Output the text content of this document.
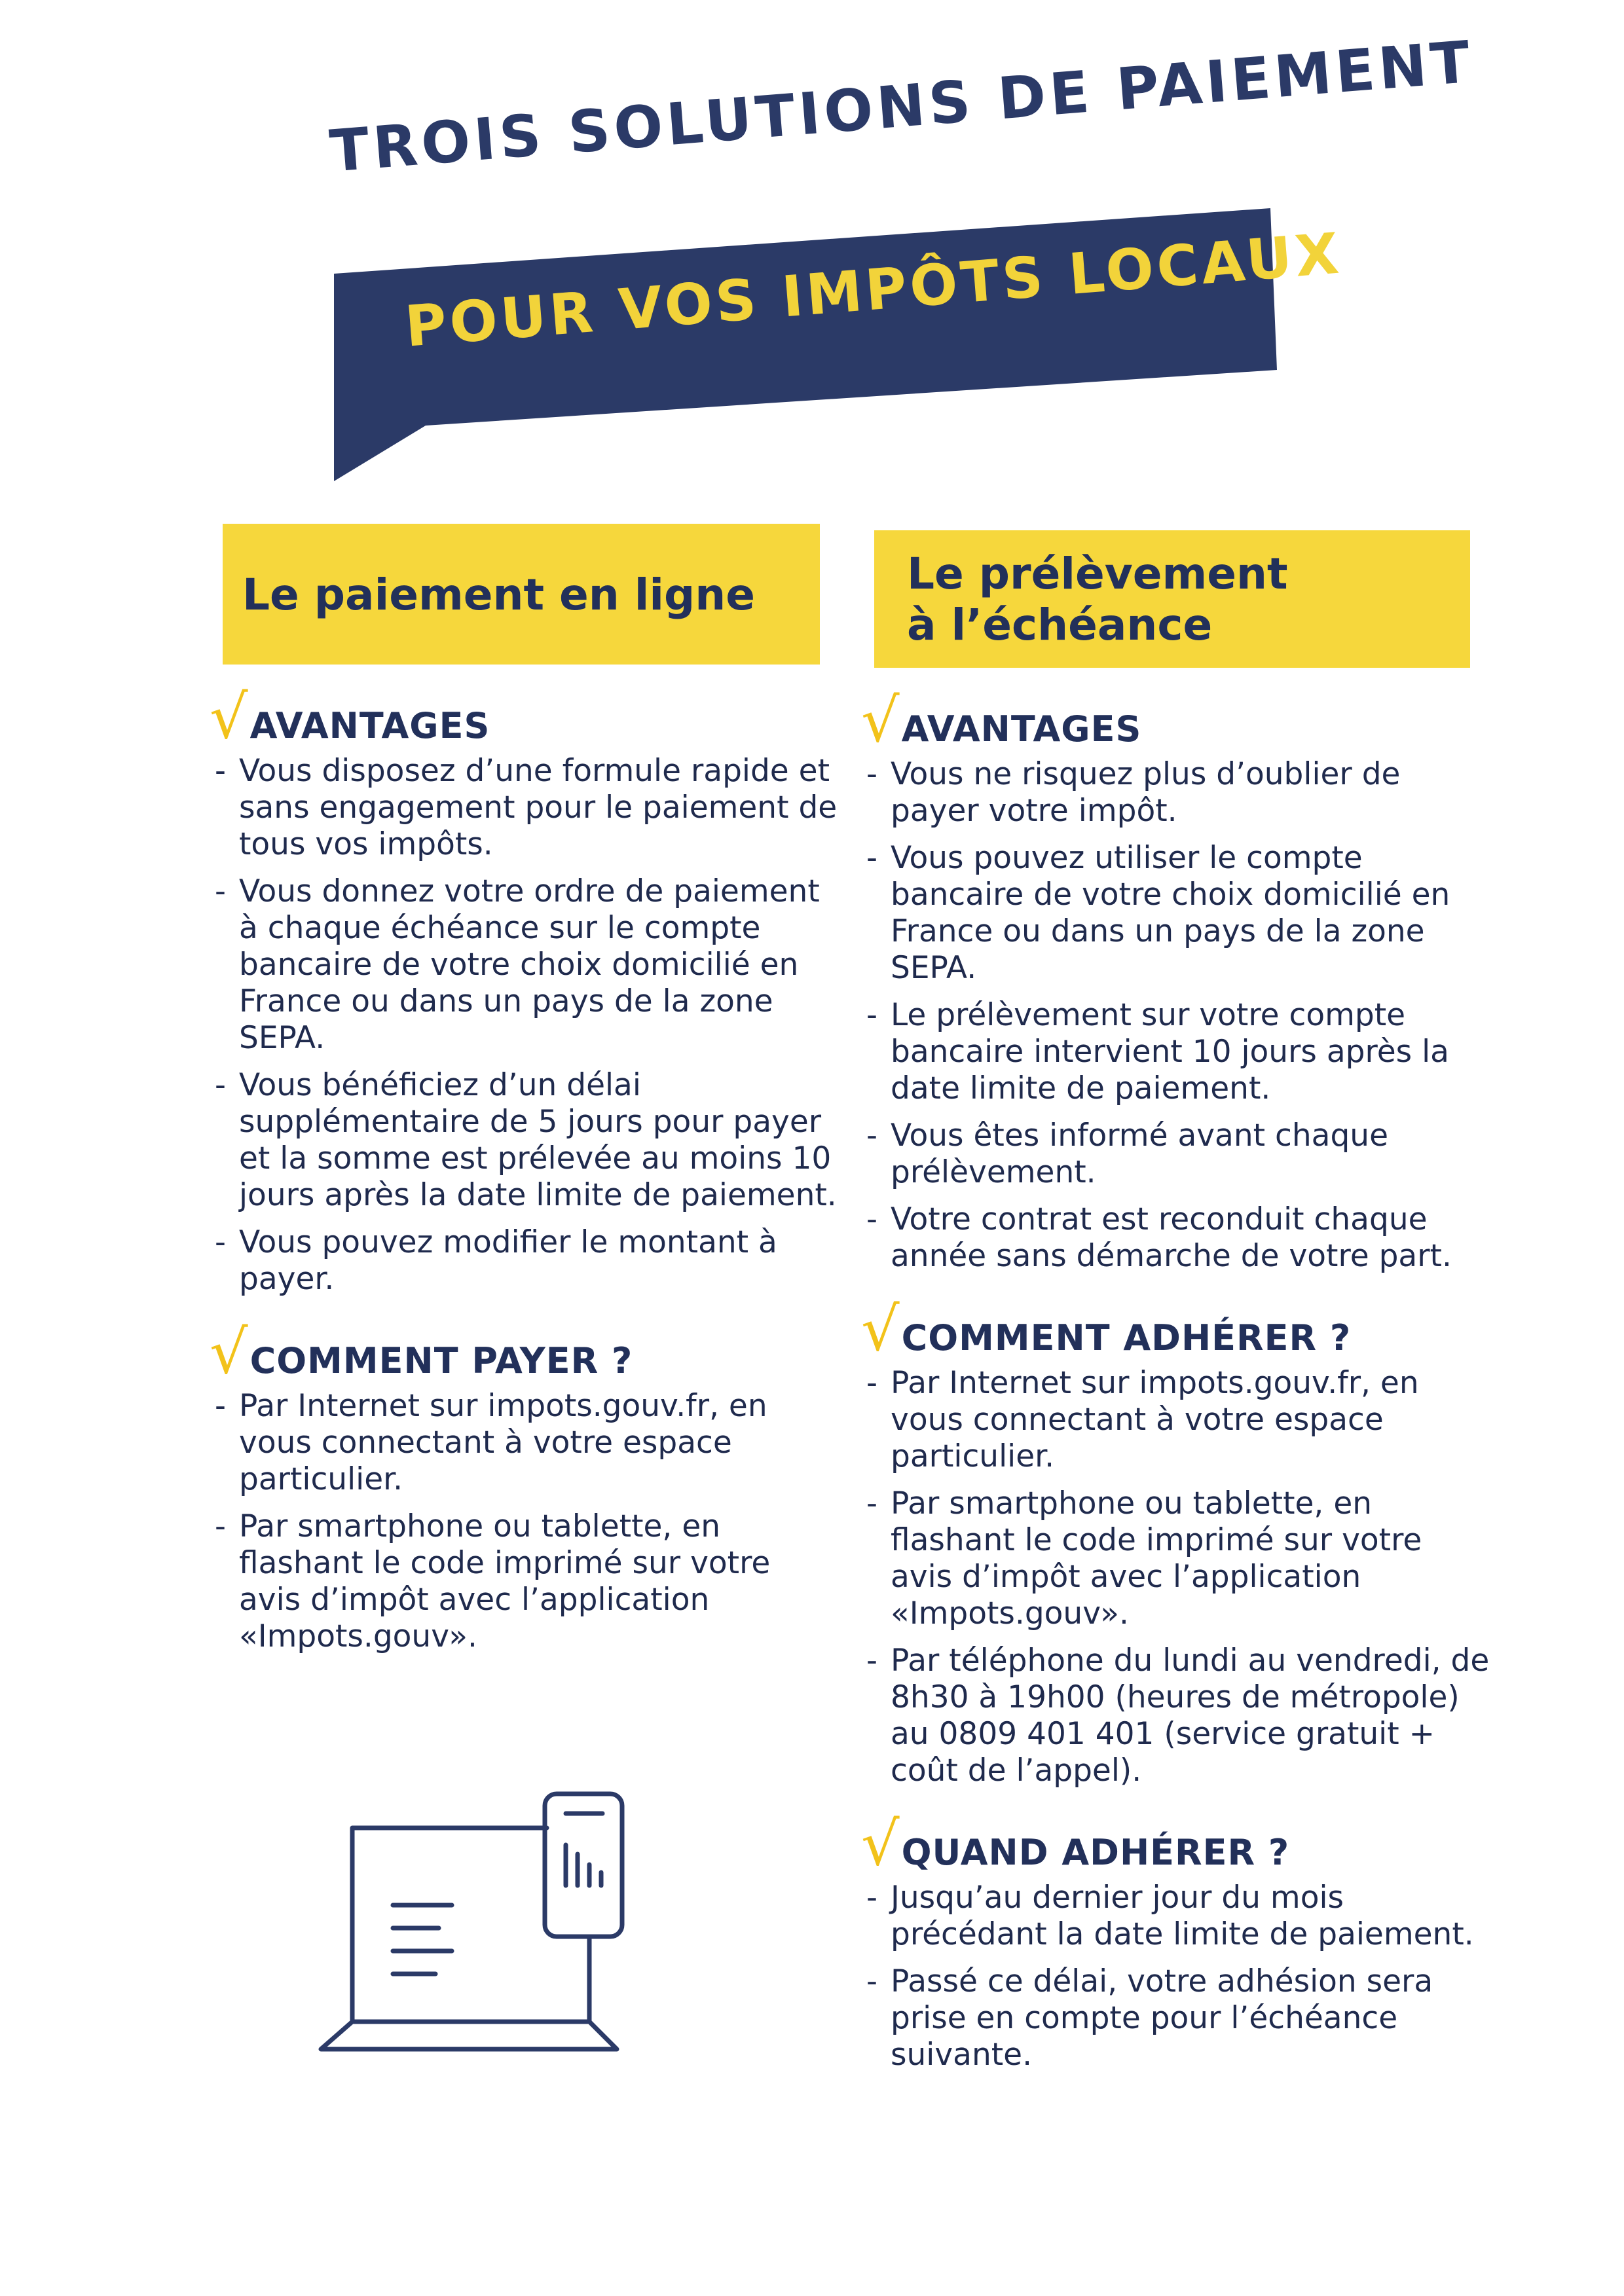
TROIS SOLUTIONS DE PAIEMENT
POUR VOS IMPÔTS LOCAUX
Le paiement en ligne	Le prélèvement
à l’échéance
√ AVANTAGES
- Vous disposez d’une formule rapide et sans engagement pour le paiement de tous vos impôts.
- Vous donnez votre ordre de paiement à chaque échéance sur le compte bancaire de votre choix domicilié en France ou dans un pays de la zone SEPA.
- Vous bénéficiez d’un délai supplémentaire de 5 jours pour payer et la somme est prélevée au moins 10 jours après la date limite de paiement.
- Vous pouvez modifier le montant à payer.
√ COMMENT PAYER ?
- Par Internet sur impots.gouv.fr, en vous connectant à votre espace particulier.
- Par smartphone ou tablette, en flashant le code imprimé sur votre avis d’impôt avec l’application «Impots.gouv».
√ AVANTAGES
- Vous ne risquez plus d’oublier de payer votre impôt.
- Vous pouvez utiliser le compte bancaire de votre choix domicilié en France ou dans un pays de la zone SEPA.
- Le prélèvement sur votre compte bancaire intervient 10 jours après la date limite de paiement.
- Vous êtes informé avant chaque prélèvement.
- Votre contrat est reconduit chaque année sans démarche de votre part.
√ COMMENT ADHÉRER ?
- Par Internet sur impots.gouv.fr, en vous connectant à votre espace particulier.
- Par smartphone ou tablette, en flashant le code imprimé sur votre avis d’impôt avec l’application «Impots.gouv».
- Par téléphone du lundi au vendredi, de 8h30 à 19h00 (heures de métropole) au 0809 401 401 (service gratuit + coût de l’appel).
√ QUAND ADHÉRER ?
- Jusqu’au dernier jour du mois précédant la date limite de paiement.
- Passé ce délai, votre adhésion sera prise en compte pour l’échéance suivante.
